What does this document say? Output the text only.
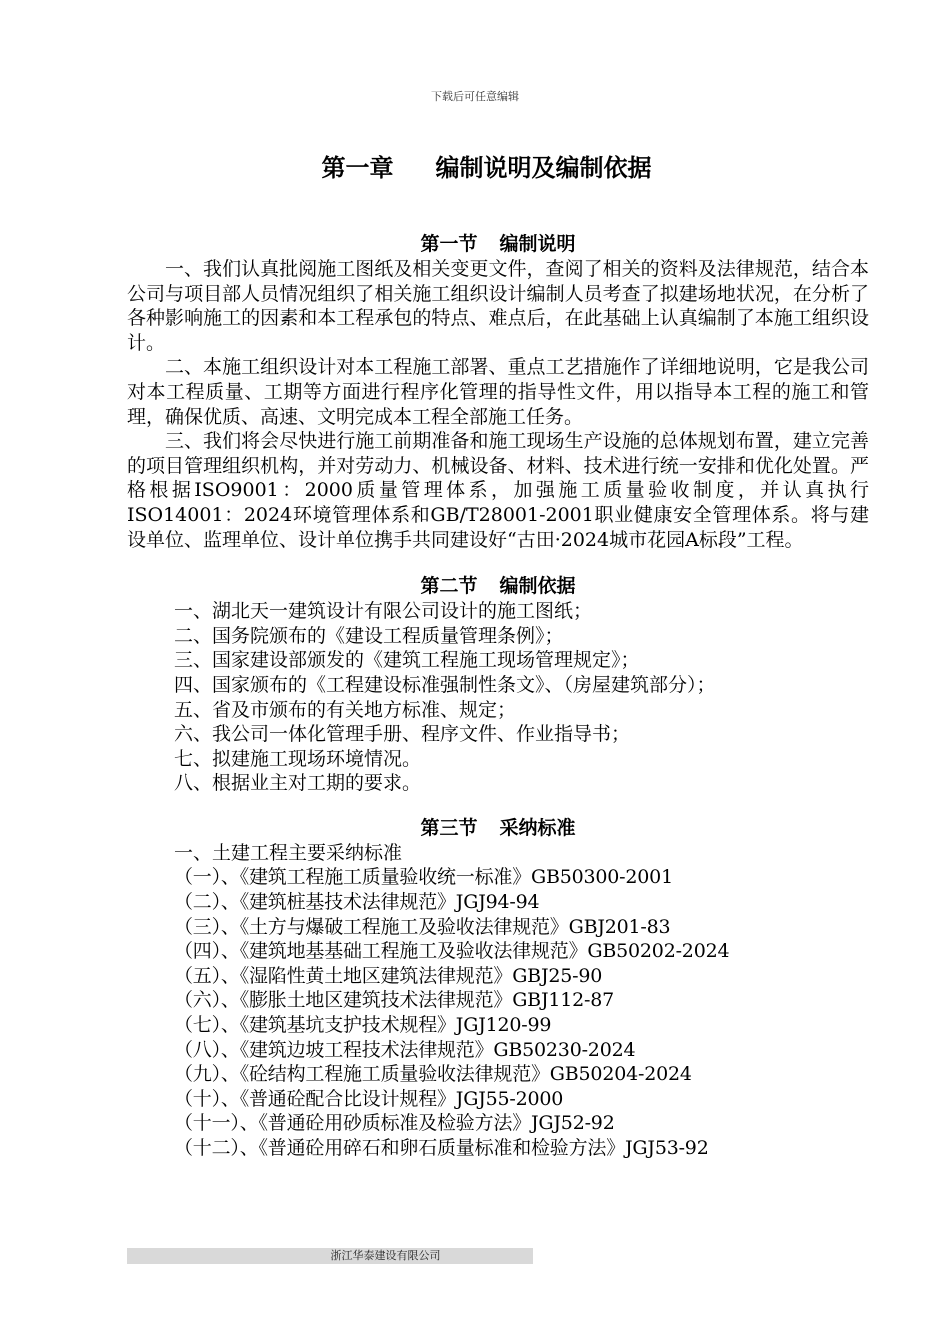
下载后可任意编辑
第一章 编制说明及编制依据
第一节 编制说明

一、我们认真批阅施工图纸及相关变更文件，查阅了相关的资料及法律规范，结合本公司与项目部人员情况组织了相关施工组织设计编制人员考查了拟建场地状况，在分析了各种影响施工的因素和本工程承包的特点、难点后，在此基础上认真编制了本施工组织设计。

二、本施工组织设计对本工程施工部署、重点工艺措施作了详细地说明，它是我公司对本工程质量、工期等方面进行程序化管理的指导性文件，用以指导本工程的施工和管理，确保优质、高速、文明完成本工程全部施工任务。

三、我们将会尽快进行施工前期准备和施工现场生产设施的总体规划布置，建立完善的项目管理组织机构，并对劳动力、机械设备、材料、技术进行统一安排和优化处置。严格根据ISO9001：2000质量管理体系，加强施工质量验收制度，并认真执行ISO14001：2024环境管理体系和GB/T28001-2001职业健康安全管理体系。将与建设单位、监理单位、设计单位携手共同建设好“古田·2024城市花园A标段”工程。

第二节 编制依据
一、湖北天一建筑设计有限公司设计的施工图纸；
二、国务院颁布的《建设工程质量管理条例》；
三、国家建设部颁发的《建筑工程施工现场管理规定》；
四、国家颁布的《工程建设标准强制性条文》、（房屋建筑部分）；
五、省及市颁布的有关地方标准、规定；
六、我公司一体化管理手册、程序文件、作业指导书；
七、拟建施工现场环境情况。
八、根据业主对工期的要求。
第三节 采纳标准
一、土建工程主要采纳标准
（一）、《建筑工程施工质量验收统一标准》GB50300-2001
（二）、《建筑桩基技术法律规范》JGJ94-94
（三）、《土方与爆破工程施工及验收法律规范》GBJ201-83
（四）、《建筑地基基础工程施工及验收法律规范》GB50202-2024
（五）、《湿陷性黄土地区建筑法律规范》GBJ25-90
（六）、《膨胀土地区建筑技术法律规范》GBJ112-87
（七）、《建筑基坑支护技术规程》JGJ120-99
（八）、《建筑边坡工程技术法律规范》GB50230-2024
（九）、《砼结构工程施工质量验收法律规范》GB50204-2024
（十）、《普通砼配合比设计规程》JGJ55-2000
（十一）、《普通砼用砂质标准及检验方法》JGJ52-92
（十二）、《普通砼用碎石和卵石质量标准和检验方法》JGJ53-92
浙江华泰建设有限公司
